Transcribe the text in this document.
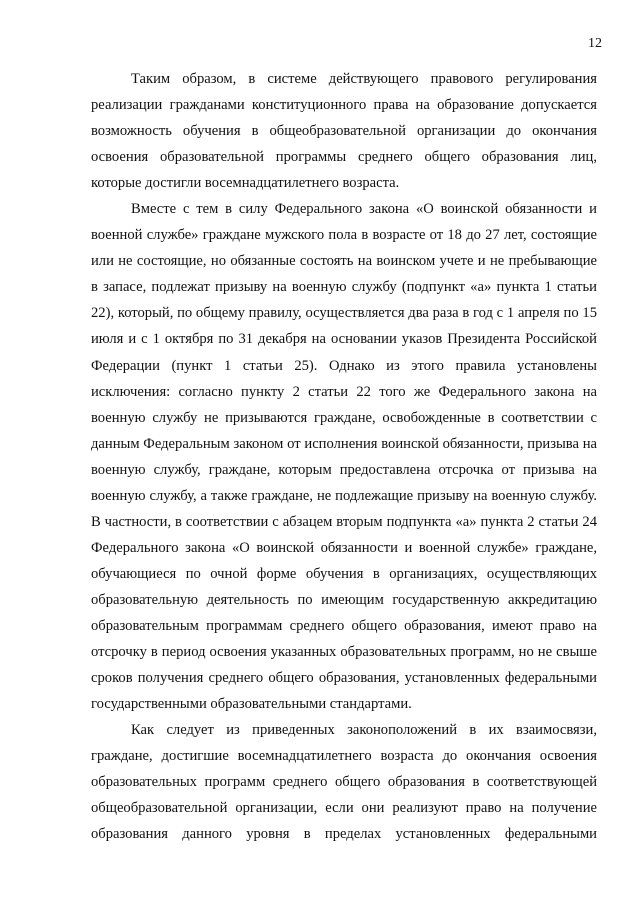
12

Таким образом, в системе действующего правового регулирования реализации гражданами конституционного права на образование допускается возможность обучения в общеобразовательной организации до окончания освоения образовательной программы среднего общего образования лиц, которые достигли восемнадцатилетнего возраста.

Вместе с тем в силу Федерального закона «О воинской обязанности и военной службе» граждане мужского пола в возрасте от 18 до 27 лет, состоящие или не состоящие, но обязанные состоять на воинском учете и не пребывающие в запасе, подлежат призыву на военную службу (подпункт «а» пункта 1 статьи 22), который, по общему правилу, осуществляется два раза в год с 1 апреля по 15 июля и с 1 октября по 31 декабря на основании указов Президента Российской Федерации (пункт 1 статьи 25). Однако из этого правила установлены исключения: согласно пункту 2 статьи 22 того же Федерального закона на военную службу не призываются граждане, освобожденные в соответствии с данным Федеральным законом от исполнения воинской обязанности, призыва на военную службу, граждане, которым предоставлена отсрочка от призыва на военную службу, а также граждане, не подлежащие призыву на военную службу. В частности, в соответствии с абзацем вторым подпункта «а» пункта 2 статьи 24 Федерального закона «О воинской обязанности и военной службе» граждане, обучающиеся по очной форме обучения в организациях, осуществляющих образовательную деятельность по имеющим государственную аккредитацию образовательным программам среднего общего образования, имеют право на отсрочку в период освоения указанных образовательных программ, но не свыше сроков получения среднего общего образования, установленных федеральными государственными образовательными стандартами.

Как следует из приведенных законоположений в их взаимосвязи, граждане, достигшие восемнадцатилетнего возраста до окончания освоения образовательных программ среднего общего образования в соответствующей общеобразовательной организации, если они реализуют право на получение образования данного уровня в пределах установленных федеральными
